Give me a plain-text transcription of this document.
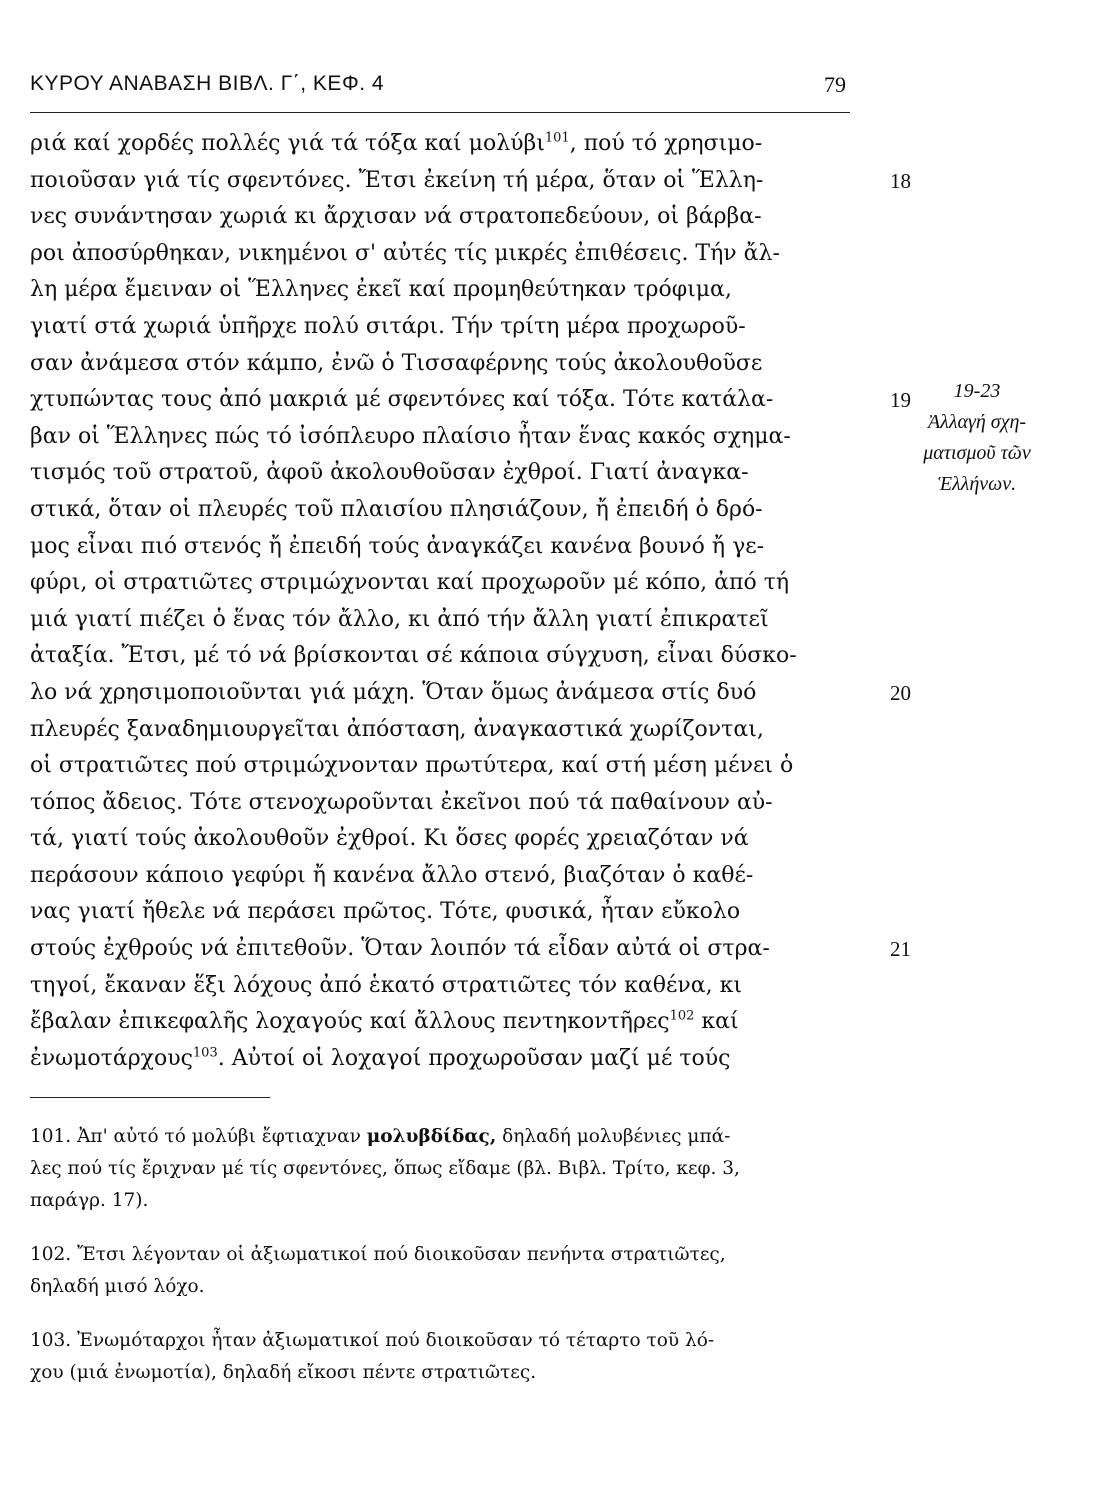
ΚΥΡΟΥ ΑΝΑΒΑΣΗ ΒΙΒΛ. Γ΄, ΚΕΦ. 4	79
ριά καί χορδές πολλές γιά τά τόξα καί μολύβι$^{101}$, πού τό χρησιμο-
ποιοῦσαν γιά τίς σφεντόνες. Ἔτσι ἐκείνη τή μέρα, ὅταν οἱ Ἕλλη-	18
νες συνάντησαν χωριά κι ἄρχισαν νά στρατοπεδεύουν, οἱ βάρβα-
ροι ἀποσύρθηκαν, νικημένοι σ' αὐτές τίς μικρές ἐπιθέσεις. Τήν ἄλ-
λη μέρα ἔμειναν οἱ Ἕλληνες ἐκεῖ καί προμηθεύτηκαν τρόφιμα,
γιατί στά χωριά ὑπῆρχε πολύ σιτάρι. Τήν τρίτη μέρα προχωροῦ-
σαν ἀνάμεσα στόν κάμπο, ἐνῶ ὁ Τισσαφέρνης τούς ἀκολουθοῦσε
χτυπώντας τους ἀπό μακριά μέ σφεντόνες καί τόξα. Τότε κατάλα-	19
βαν οἱ Ἕλληνες πώς τό ἰσόπλευρο πλαίσιο ἦταν ἕνας κακός σχημα-
τισμός τοῦ στρατοῦ, ἀφοῦ ἀκολουθοῦσαν ἐχθροί. Γιατί ἀναγκα-
στικά, ὅταν οἱ πλευρές τοῦ πλαισίου πλησιάζουν, ἤ ἐπειδή ὁ δρό-
μος εἶναι πιό στενός ἤ ἐπειδή τούς ἀναγκάζει κανένα βουνό ἤ γε-
φύρι, οἱ στρατιῶτες στριμώχνονται καί προχωροῦν μέ κόπο, ἀπό τή
μιά γιατί πιέζει ὁ ἕνας τόν ἄλλο, κι ἀπό τήν ἄλλη γιατί ἐπικρατεῖ
ἀταξία. Ἔτσι, μέ τό νά βρίσκονται σέ κάποια σύγχυση, εἶναι δύσκο-
λο νά χρησιμοποιοῦνται γιά μάχη. Ὅταν ὅμως ἀνάμεσα στίς δυό	20
πλευρές ξαναδημιουργεῖται ἀπόσταση, ἀναγκαστικά χωρίζονται,
οἱ στρατιῶτες πού στριμώχνονταν πρωτύτερα, καί στή μέση μένει ὁ
τόπος ἄδειος. Τότε στενοχωροῦνται ἐκεῖνοι πού τά παθαίνουν αὐ-
τά, γιατί τούς ἀκολουθοῦν ἐχθροί. Κι ὅσες φορές χρειαζόταν νά
περάσουν κάποιο γεφύρι ἤ κανένα ἄλλο στενό, βιαζόταν ὁ καθέ-
νας γιατί ἤθελε νά περάσει πρῶτος. Τότε, φυσικά, ἦταν εὔκολο
στούς ἐχθρούς νά ἐπιτεθοῦν. Ὅταν λοιπόν τά εἶδαν αὐτά οἱ στρα-	21
τηγοί, ἔκαναν ἕξι λόχους ἀπό ἑκατό στρατιῶτες τόν καθένα, κι
ἔβαλαν ἐπικεφαλῆς λοχαγούς καί ἄλλους πεντηκοντῆρες$^{102}$ καί
ἐνωμοτάρχους$^{103}$. Αὐτοί οἱ λοχαγοί προχωροῦσαν μαζί μέ τούς
19-23
Ἀλλαγή σχη-
ματισμοῦ τῶν
Ἑλλήνων.
101. Ἀπ' αὐτό τό μολύβι ἔφτιαχναν μολυβδίδας, δηλαδή μολυβένιες μπά-
λες πού τίς ἔριχναν μέ τίς σφεντόνες, ὅπως εἴδαμε (βλ. Βιβλ. Τρίτο, κεφ. 3,
παράγρ. 17).
102. Ἔτσι λέγονταν οἱ ἀξιωματικοί πού διοικοῦσαν πενήντα στρατιῶτες,
δηλαδή μισό λόχο.
103. Ἐνωμόταρχοι ἦταν ἀξιωματικοί πού διοικοῦσαν τό τέταρτο τοῦ λό-
χου (μιά ἐνωμοτία), δηλαδή εἴκοσι πέντε στρατιῶτες.
